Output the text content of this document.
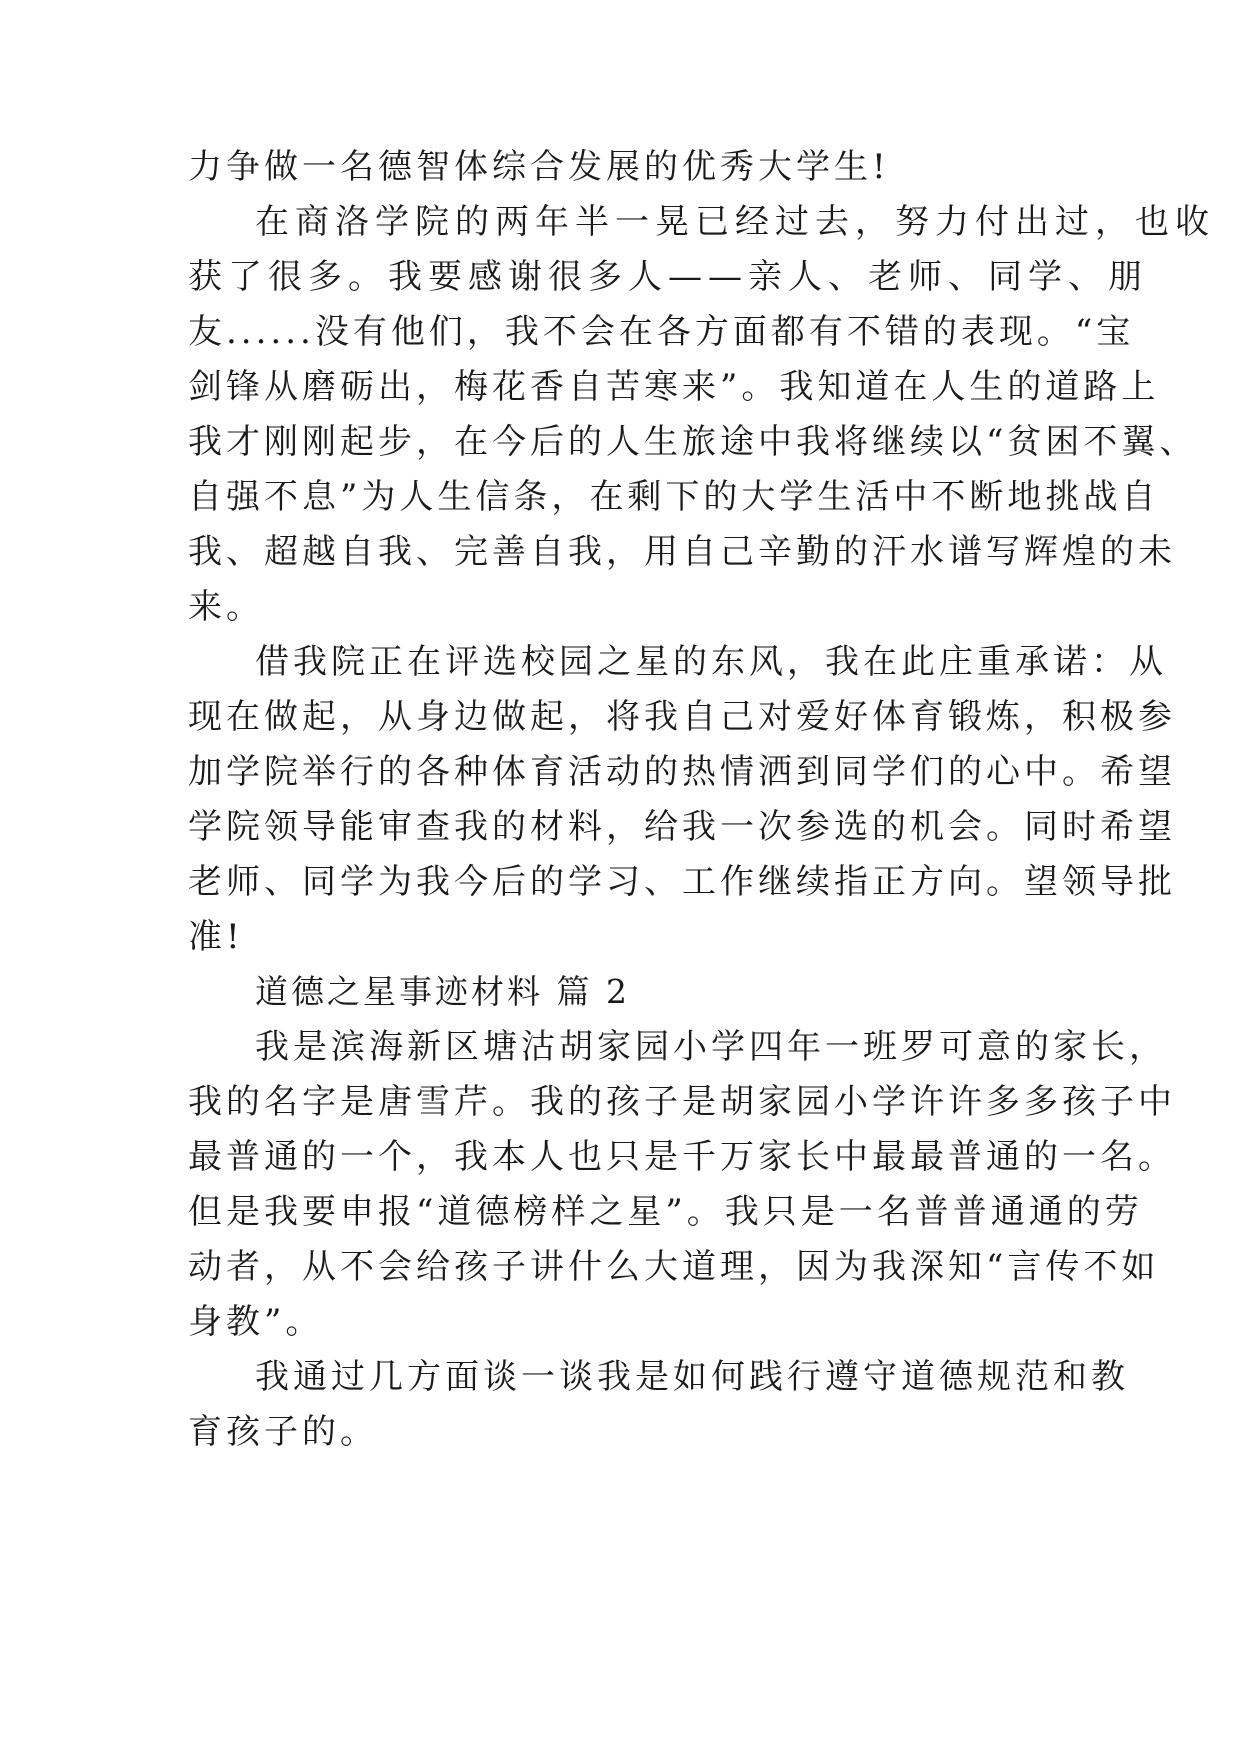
力争做一名德智体综合发展的优秀大学生!
在商洛学院的两年半一晃已经过去，努力付出过，也收
获了很多。我要感谢很多人——亲人、老师、同学、朋
友......没有他们，我不会在各方面都有不错的表现。“宝
剑锋从磨砺出，梅花香自苦寒来”。我知道在人生的道路上
我才刚刚起步，在今后的人生旅途中我将继续以“贫困不翼、
自强不息”为人生信条，在剩下的大学生活中不断地挑战自
我、超越自我、完善自我，用自己辛勤的汗水谱写辉煌的未
来。
借我院正在评选校园之星的东风，我在此庄重承诺：从
现在做起，从身边做起，将我自己对爱好体育锻炼，积极参
加学院举行的各种体育活动的热情洒到同学们的心中。希望
学院领导能审查我的材料，给我一次参选的机会。同时希望
老师、同学为我今后的学习、工作继续指正方向。望领导批
准!
道德之星事迹材料 篇 2
我是滨海新区塘沽胡家园小学四年一班罗可意的家长，
我的名字是唐雪芹。我的孩子是胡家园小学许许多多孩子中
最普通的一个，我本人也只是千万家长中最最普通的一名。
但是我要申报“道德榜样之星”。我只是一名普普通通的劳
动者，从不会给孩子讲什么大道理，因为我深知“言传不如
身教”。
我通过几方面谈一谈我是如何践行遵守道德规范和教
育孩子的。
